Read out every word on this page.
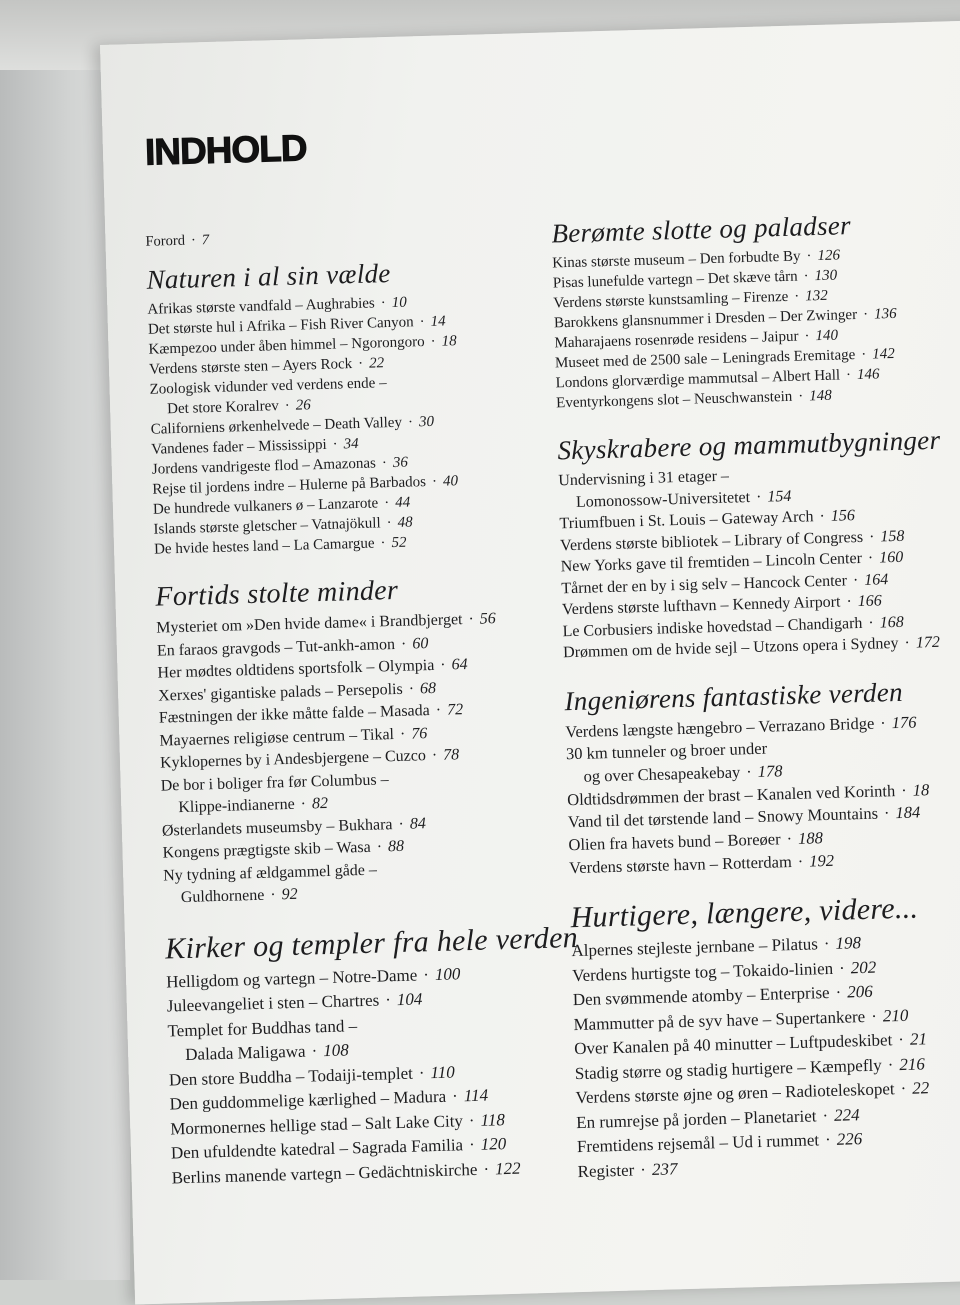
INDHOLD
Forord · 7
Naturen i al sin vælde
Afrikas største vandfald – Aughrabies · 10
Det største hul i Afrika – Fish River Canyon · 14
Kæmpezoo under åben himmel – Ngorongoro · 18
Verdens største sten – Ayers Rock · 22
Zoologisk vidunder ved verdens ende –
Det store Koralrev · 26
Californiens ørkenhelvede – Death Valley · 30
Vandenes fader – Mississippi · 34
Jordens vandrigeste flod – Amazonas · 36
Rejse til jordens indre – Hulerne på Barbados · 40
De hundrede vulkaners ø – Lanzarote · 44
Islands største gletscher – Vatnajökull · 48
De hvide hestes land – La Camargue · 52
Fortids stolte minder
Mysteriet om »Den hvide dame« i Brandbjerget · 56
En faraos gravgods – Tut-ankh-amon · 60
Her mødtes oldtidens sportsfolk – Olympia · 64
Xerxes' gigantiske palads – Persepolis · 68
Fæstningen der ikke måtte falde – Masada · 72
Mayaernes religiøse centrum – Tikal · 76
Kyklopernes by i Andesbjergene – Cuzco · 78
De bor i boliger fra før Columbus –
Klippe-indianerne · 82
Østerlandets museumsby – Bukhara · 84
Kongens prægtigste skib – Wasa · 88
Ny tydning af ældgammel gåde –
Guldhornene · 92
Kirker og templer fra hele verden
Helligdom og vartegn – Notre-Dame · 100
Juleevangeliet i sten – Chartres · 104
Templet for Buddhas tand –
Dalada Maligawa · 108
Den store Buddha – Todaiji-templet · 110
Den guddommelige kærlighed – Madura · 114
Mormonernes hellige stad – Salt Lake City · 118
Den ufuldendte katedral – Sagrada Familia · 120
Berlins manende vartegn – Gedächtniskirche · 122
Berømte slotte og paladser
Kinas største museum – Den forbudte By · 126
Pisas lunefulde vartegn – Det skæve tårn · 130
Verdens største kunstsamling – Firenze · 132
Barokkens glansnummer i Dresden – Der Zwinger · 136
Maharajaens rosenrøde residens – Jaipur · 140
Museet med de 2500 sale – Leningrads Eremitage · 142
Londons glorværdige mammutsal – Albert Hall · 146
Eventyrkongens slot – Neuschwanstein · 148
Skyskrabere og mammutbygninger
Undervisning i 31 etager –
Lomonossow-Universitetet · 154
Triumfbuen i St. Louis – Gateway Arch · 156
Verdens største bibliotek – Library of Congress · 158
New Yorks gave til fremtiden – Lincoln Center · 160
Tårnet der en by i sig selv – Hancock Center · 164
Verdens største lufthavn – Kennedy Airport · 166
Le Corbusiers indiske hovedstad – Chandigarh · 168
Drømmen om de hvide sejl – Utzons opera i Sydney · 172
Ingeniørens fantastiske verden
Verdens længste hængebro – Verrazano Bridge · 176
30 km tunneler og broer under
og over Chesapeakebay · 178
Oldtidsdrømmen der brast – Kanalen ved Korinth · 18
Vand til det tørstende land – Snowy Mountains · 184
Olien fra havets bund – Boreøer · 188
Verdens største havn – Rotterdam · 192
Hurtigere, længere, videre...
Alpernes stejleste jernbane – Pilatus · 198
Verdens hurtigste tog – Tokaido-linien · 202
Den svømmende atomby – Enterprise · 206
Mammutter på de syv have – Supertankere · 210
Over Kanalen på 40 minutter – Luftpudeskibet · 21
Stadig større og stadig hurtigere – Kæmpefly · 216
Verdens største øjne og øren – Radioteleskopet · 22
En rumrejse på jorden – Planetariet · 224
Fremtidens rejsemål – Ud i rummet · 226
Register · 237
